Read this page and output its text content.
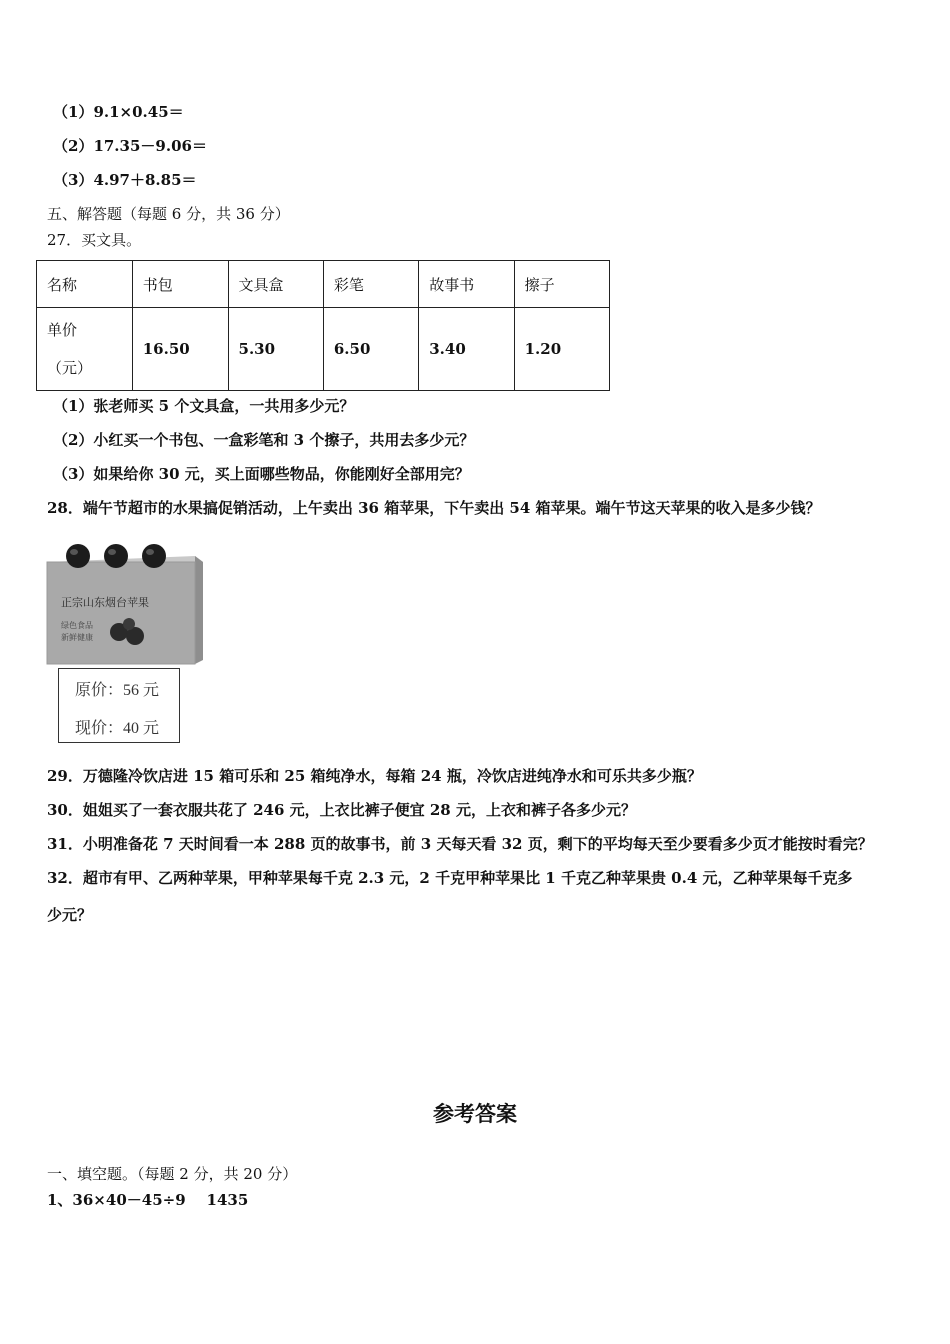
（1）9.1×0.45＝
（2）17.35－9.06＝
（3）4.97＋8.85＝
五、解答题（每题 6 分，共 36 分）
27．买文具。
名称	书包	文具盒	彩笔	故事书	擦子

单价
（元）	16.50	5.30	6.50	3.40	1.20
（1）张老师买 5 个文具盒，一共用多少元？
（2）小红买一个书包、一盒彩笔和 3 个擦子，共用去多少元？
（3）如果给你 30 元，买上面哪些物品，你能刚好全部用完？
28．端午节超市的水果搞促销活动，上午卖出 36 箱苹果，下午卖出 54 箱苹果。端午节这天苹果的收入是多少钱？
正宗山东烟台苹果
绿色食品
新鲜健康
原价：56 元
现价：40 元
29．万德隆冷饮店进 15 箱可乐和 25 箱纯净水，每箱 24 瓶，冷饮店进纯净水和可乐共多少瓶？
30．姐姐买了一套衣服共花了 246 元，上衣比裤子便宜 28 元，上衣和裤子各多少元？
31．小明准备花 7 天时间看一本 288 页的故事书，前 3 天每天看 32 页，剩下的平均每天至少要看多少页才能按时看完？
32．超市有甲、乙两种苹果，甲种苹果每千克 2.3 元，2 千克甲种苹果比 1 千克乙种苹果贵 0.4 元，乙种苹果每千克多
少元？
参考答案
一、填空题。（每题 2 分，共 20 分）
1、36×40－45÷9    1435
